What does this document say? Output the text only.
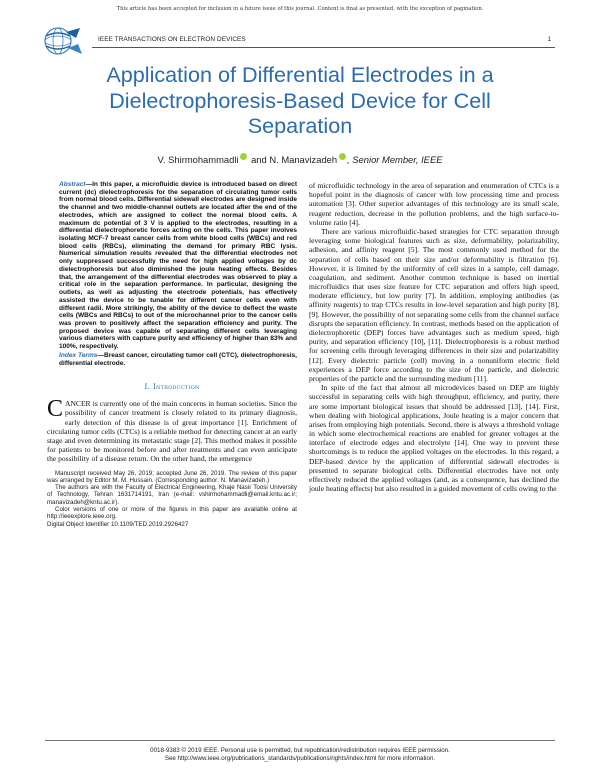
This article has been accepted for inclusion in a future issue of this journal. Content is final as presented, with the exception of pagination.
IEEE TRANSACTIONS ON ELECTRON DEVICES	1
Application of Differential Electrodes in a Dielectrophoresis-Based Device for Cell Separation
V. Shirmohammadli and N. Manavizadeh , Senior Member, IEEE

Abstract—In this paper, a microfluidic device is introduced based on direct current (dc) dielectrophoresis for the separation of circulating tumor cells from normal blood cells. Differential sidewall electrodes are designed inside the channel and two middle-channel outlets are located after the end of the electrodes, which are assigned to collect the normal blood cells. A maximum dc potential of 3 V is applied to the electrodes, resulting in a differential dielectrophoretic forces acting on the cells. This paper involves isolating MCF-7 breast cancer cells from white blood cells (WBCs) and red blood cells (RBCs), eliminating the demand for primary RBC lysis. Numerical simulation results revealed that the differential electrodes not only suppressed successfully the need for high applied voltages by dc dielectrophoresis but also diminished the joule heating effects. Besides that, the arrangement of the differential electrodes was observed to play a critical role in the separation performance. In particular, designing the outlets, as well as adjusting the electrode potentials, has effectively assisted the device to be tunable for different cancer cells even with different radii. More strikingly, the ability of the device to deflect the waste cells (WBCs and RBCs) to out of the microchannel prior to the cancer cells was proven to positively affect the separation efficiency and purity. The proposed device was capable of separating different cells leveraging various diameters with capture purity and efficiency of higher than 83% and 100%, respectively.

Index Terms—Breast cancer, circulating tumor cell (CTC), dielectrophoresis, differential electrode.

I. Introduction

CANCER is currently one of the main concerns in human societies. Since the possibility of cancer treatment is closely related to its primary diagnosis, early detection of this disease is of great importance [1]. Enrichment of circulating tumor cells (CTCs) is a reliable method for detecting cancer at an early stage and even determining its metastatic stage [2]. This method makes it possible for patients to be monitored before and after treatments and can even anticipate the possibility of a disease return. On the other hand, the emergence

Manuscript received May 26, 2019; accepted June 26, 2019. The review of this paper was arranged by Editor M. M. Hussain. (Corresponding author: N. Manavizadeh.)

The authors are with the Faculty of Electrical Engineering, Khaje Nasir Toosi University of Technology, Tehran 1631714191, Iran (e-mail: vshirmohammadli@email.kntu.ac.ir; manavizadeh@kntu.ac.ir).

Color versions of one or more of the figures in this paper are available online at http://ieeexplore.ieee.org.

Digital Object Identifier 10.1109/TED.2019.2926427

of microfluidic technology in the area of separation and enumeration of CTCs is a hopeful point in the diagnosis of cancer with low processing time and process automation [3]. Other superior advantages of this technology are its small scale, reagent reduction, decrease in the pollution problems, and the high surface-to-volume ratio [4].

There are various microfluidic-based strategies for CTC separation through leveraging some biological features such as size, deformability, polarizability, adhesion, and affinity reagent [5]. The most commonly used method for the separation of cells based on their size and/or deformability is filtration [6]. However, it is limited by the uniformity of cell sizes in a sample, cell damage, coagulation, and sediment. Another common technique is based on inertial microfluidics that uses size feature for CTC separation and offers high speed, moderate efficiency, but low purity [7]. In addition, employing antibodies (as affinity reagents) to trap CTCs results in low-level separation and high purity [8], [9]. However, the possibility of not separating some cells from the channel surface disrupts the separation efficiency. In contrast, methods based on the application of dielectrophoretic (DEP) forces have advantages such as medium speed, high purity, and separation efficiency [10], [11]. Dielectrophoresis is a robust method for screening cells through leveraging differences in their size and polarizability [12]. Every dielectric particle (cell) moving in a nonuniform electric field experiences a DEP force according to the size of the particle, and dielectric properties of the particle and the surrounding medium [11].

In spite of the fact that almost all microdevices based on DEP are highly successful in separating cells with high throughput, efficiency, and purity, there are some important biological issues that should be addressed [13], [14]. First, when dealing with biological applications, Joule heating is a major concern that arises from employing high potentials. Second, there is always a threshold voltage in which some electrochemical reactions are enabled for greater voltages at the interface of electrode edges and electrolyte [14]. One way to prevent these shortcomings is to reduce the applied voltages on the electrodes. In this regard, a DEP-based device by the application of differential sidewall electrodes is presented to separate biological cells. Differential electrodes have not only effectively reduced the applied voltages (and, as a consequence, has declined the joule heating effects) but also resulted in a guided movement of cells owing to the

0018-9383 © 2019 IEEE. Personal use is permitted, but republication/redistribution requires IEEE permission.
See http://www.ieee.org/publications_standards/publications/rights/index.html for more information.
